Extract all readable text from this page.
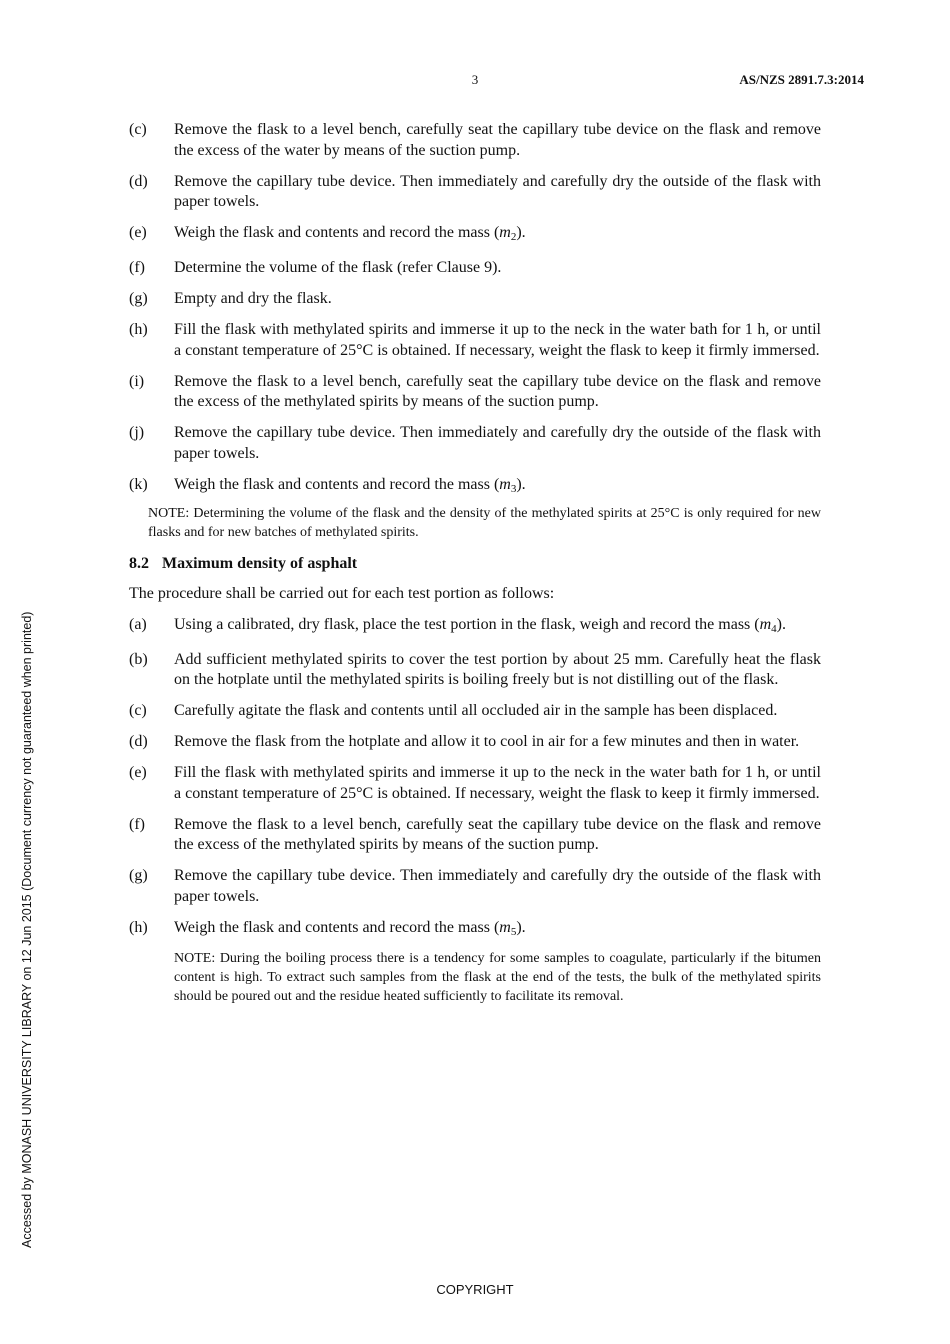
3	AS/NZS 2891.7.3:2014
Accessed by MONASH UNIVERSITY LIBRARY on 12 Jun 2015 (Document currency not guaranteed when printed)
(c)	Remove the flask to a level bench, carefully seat the capillary tube device on the flask and remove the excess of the water by means of the suction pump.
(d)	Remove the capillary tube device. Then immediately and carefully dry the outside of the flask with paper towels.
(e)	Weigh the flask and contents and record the mass $(m_2)$.
(f)	Determine the volume of the flask (refer Clause 9).
(g)	Empty and dry the flask.
(h)	Fill the flask with methylated spirits and immerse it up to the neck in the water bath for 1 h, or until a constant temperature of 25°C is obtained. If necessary, weight the flask to keep it firmly immersed.
(i)	Remove the flask to a level bench, carefully seat the capillary tube device on the flask and remove the excess of the methylated spirits by means of the suction pump.
(j)	Remove the capillary tube device. Then immediately and carefully dry the outside of the flask with paper towels.
(k)	Weigh the flask and contents and record the mass $(m_3)$.
NOTE: Determining the volume of the flask and the density of the methylated spirits at 25°C is only required for new flasks and for new batches of methylated spirits.
8.2 Maximum density of asphalt
The procedure shall be carried out for each test portion as follows:
(a)	Using a calibrated, dry flask, place the test portion in the flask, weigh and record the mass $(m_4)$.
(b)	Add sufficient methylated spirits to cover the test portion by about 25 mm. Carefully heat the flask on the hotplate until the methylated spirits is boiling freely but is not distilling out of the flask.
(c)	Carefully agitate the flask and contents until all occluded air in the sample has been displaced.
(d)	Remove the flask from the hotplate and allow it to cool in air for a few minutes and then in water.
(e)	Fill the flask with methylated spirits and immerse it up to the neck in the water bath for 1 h, or until a constant temperature of 25°C is obtained. If necessary, weight the flask to keep it firmly immersed.
(f)	Remove the flask to a level bench, carefully seat the capillary tube device on the flask and remove the excess of the methylated spirits by means of the suction pump.
(g)	Remove the capillary tube device. Then immediately and carefully dry the outside of the flask with paper towels.
(h)	Weigh the flask and contents and record the mass $(m_5)$.
NOTE: During the boiling process there is a tendency for some samples to coagulate, particularly if the bitumen content is high. To extract such samples from the flask at the end of the tests, the bulk of the methylated spirits should be poured out and the residue heated sufficiently to facilitate its removal.
COPYRIGHT
